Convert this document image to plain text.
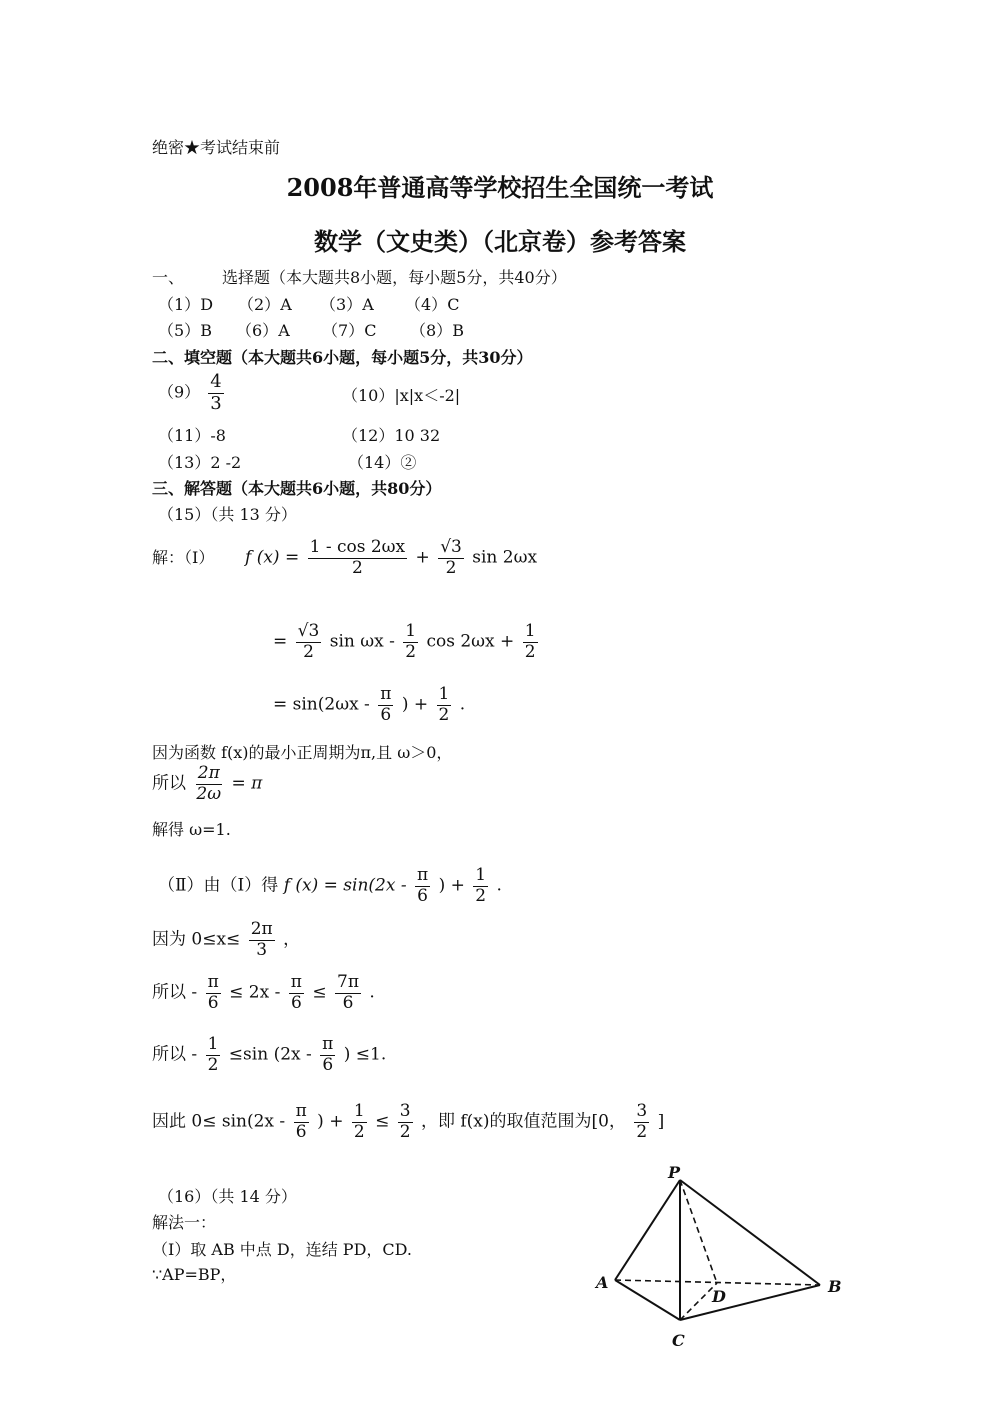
绝密★考试结束前
2008年普通高等学校招生全国统一考试
数学（文史类）（北京卷）参考答案
一、 选择题（本大题共8小题，每小题5分，共40分）
（1）D （2）A （3）A （4）C
（5）B （6）A （7）C （8）B
二、填空题（本大题共6小题，每小题5分，共30分）
$(9) \frac{4}{3}$	（10）|x|x＜-2|
（11）-8	（12）10 32
（13）2 -2	（14）②
三、解答题（本大题共6小题，共80分）
（15）（共 13 分）
解：（Ⅰ） f $(x) = \frac{1 - \cos 2\omega x}{2} + \frac{√3}{2}$ sin 2ωx
= $\frac{√3}{2}$ sin ωx - $\frac{1}{2}$ $\cos 2\omega x + \frac{1}{2}$
= $\sin(2\omega x - \frac{\pi}{6}$ ) + $\frac{1}{2}$ .
因为函数 f(x)的最小正周期为π,且 ω＞0，
所以 $\frac{2\pi}{2\omega} = \pi$
解得 ω=1.
（Ⅱ）由（Ⅰ）得 f $(x) = \sin(2x - \frac{\pi}{6}$ ) + $\frac{1}{2}$ .
因为 $0\le x\le \frac{2\pi}{3}$ ，
所以 - $\frac{\pi}{6} \le 2x - \frac{\pi}{6} \le \frac{7\pi}{6}$ .
所以 - $\frac{1}{2} \le\sin$ ($2x - \frac{\pi}{6}$ ) ≤1.
因此 $0\le \sin(2x - \frac{\pi}{6}$ ) + $\frac{1}{2} \le \frac{3}{2}$ ，即 f(x)的取值范围为[0， $\frac{3}{2}$ ]
（16）（共 14 分）
解法一：
（Ⅰ）取 AB 中点 D，连结 PD，CD.
∵AP=BP，
P
A	B
C
D
